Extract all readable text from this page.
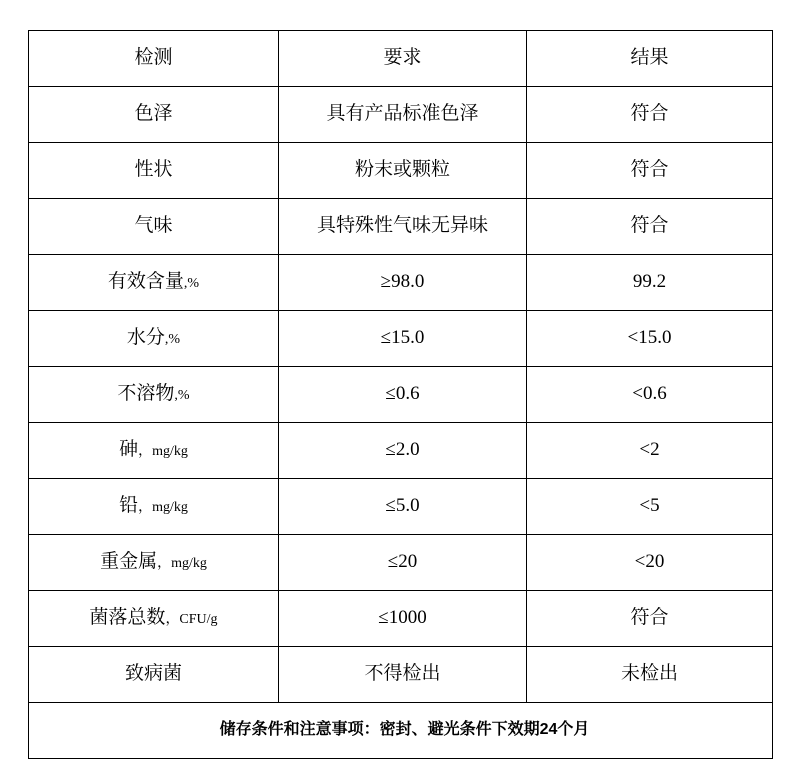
检测	要求	结果

色泽	具有产品标准色泽	符合

性状	粉末或颗粒	符合

气味	具特殊性气味无异味	符合

有效含量,%	≥98.0	99.2

水分,%	≤15.0	<15.0

不溶物,%	≤0.6	<0.6

砷，mg/kg	≤2.0	<2

铅，mg/kg	≤5.0	<5

重金属，mg/kg	≤20	<20

菌落总数，CFU/g	≤1000	符合

致病菌	不得检出	未检出

储存条件和注意事项：密封、避光条件下效期24个月		
